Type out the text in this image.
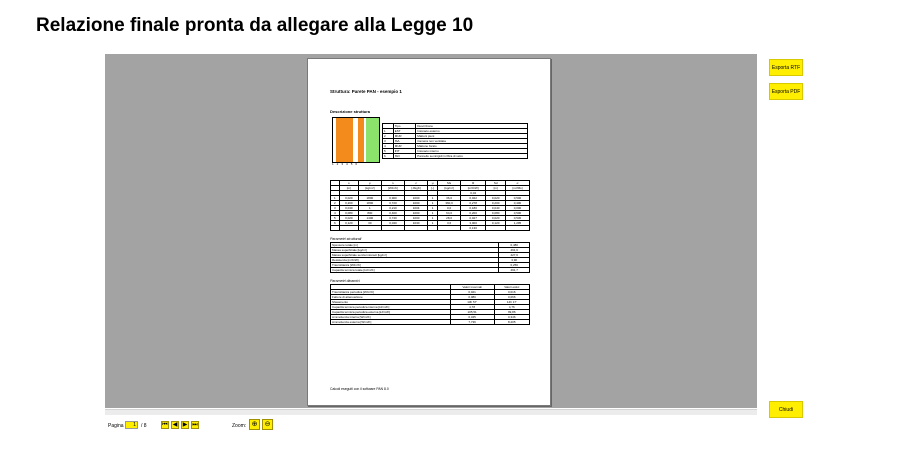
Relazione finale pronta da allegare alla Legge 10
Struttura: Parete PAN - esempio 1
Descrizione struttura
1 2 3 4 5 6
	Tipo	Descrizione
1	EST	Intonaco esterno
2	MUR	Mattoni pieni
3	ISA	Camera non ventilata
4	MUR	Mattone forato
5	INT	Intonaco interno
6	ISO	Pannello semirigidi in fibra di vetro
	s	ρ	λ	c	μ	Ms	R	Sd	α
	[m]	[kg/m³]	[W/mK]	[J/kgK]	[-]	[kg/m²]	[m²K/W]	[m]	[m²/Ms]
							0,04		
1	0,020	1800	0,900	1000	1	36,0	0,022	0,020	0,500
2	0,200	1800	0,720	1000	1	360,0	0,278	0,200	0,400
3	0,040	1	0,210	1004	1	0,0	0,180	0,040	0,000
4	0,080	800	0,400	1000	1	64,0	0,200	0,080	0,500
5	0,020	1400	0,740	1000	1	28,0	0,027	0,020	0,530
6	0,120	30	0,040	1030	1	3,6	3,000	0,120	1,295
							0,130		
Parametri strutturali
Spessore totale [m]	0,480
Massa superficiale [kg/m²]	491,6
Massa superficiale senza intonaci [kg/m²]	427,6
Resistenza [m²K/W]	3,90
Trasmittanza [W/m²K]	0,256
Capacità termica totale [kJ/m²K]	491,7
Parametri dinamici
	Valori invernali	Valori estivi
Trasmittanza periodica [W/m²K]	0,021	0,016
Fattore di attenuazione	0,080	0,066
Sfasamento	13h 57'	14h 17'
Capacità termica periodica interna [kJ/m²K]	4,78	4,76
Capacità termica periodica esterna [kJ/m²K]	105,51	99,86
Ammettenza interna [W/m²K]	0,345	0,346
Ammettenza esterna [W/m²K]	7,736	8,205
Calcoli eseguiti con il software PAN 8.0
Esporta RTF
Esporta PDF
Chiudi
Pagina	1	/ 8	⏮ ◀ ▶ ⏭	Zoom: ⊕	⊖
